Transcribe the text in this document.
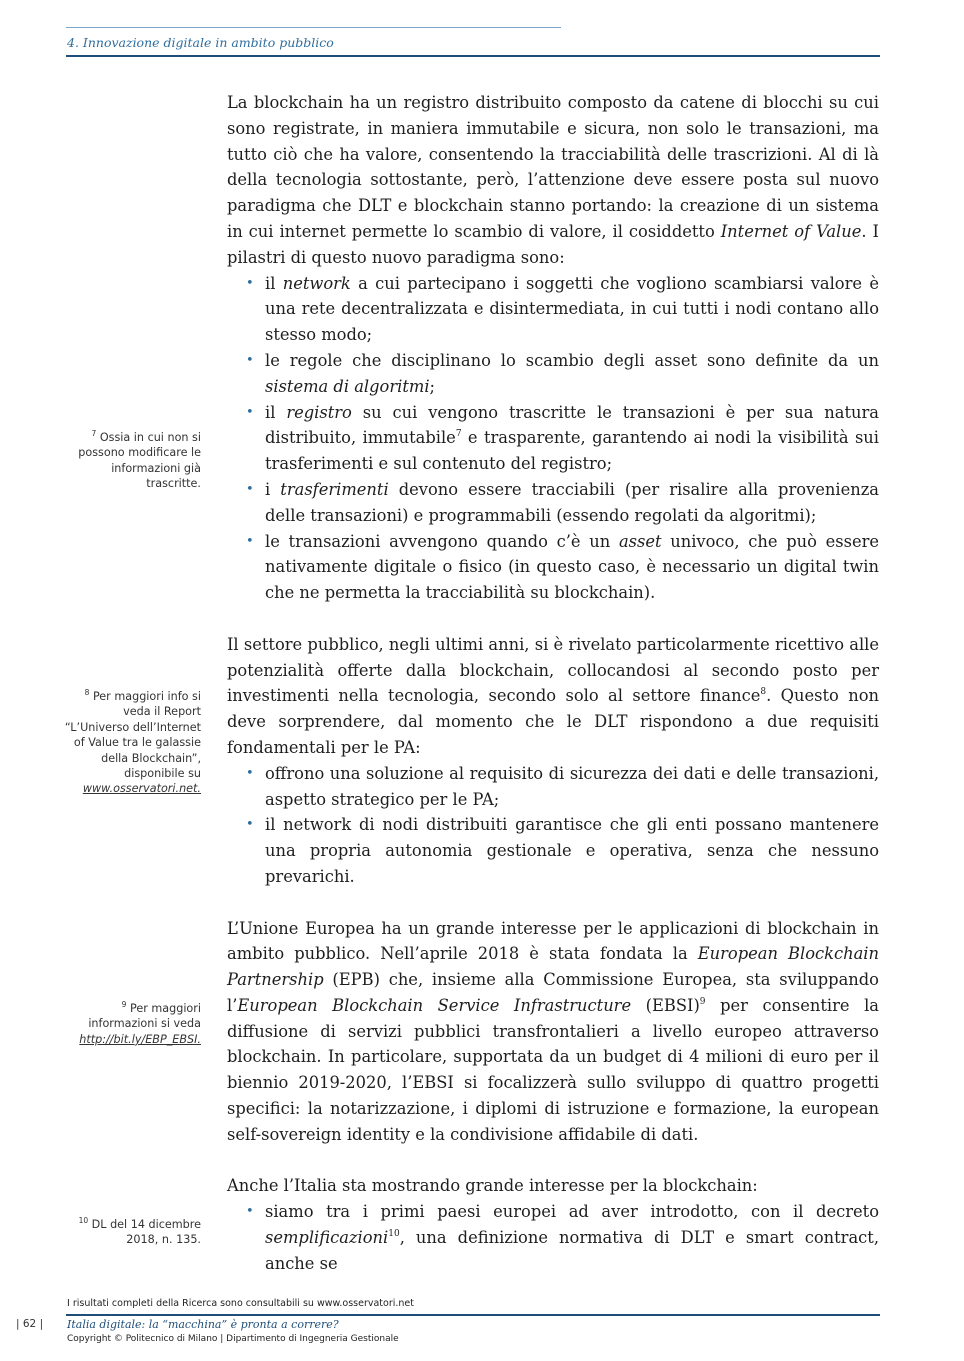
4. Innovazione digitale in ambito pubblico

La blockchain ha un registro distribuito composto da catene di blocchi su cui sono registrate, in maniera immutabile e sicura, non solo le transazioni, ma tutto ciò che ha valore, consentendo la tracciabilità delle trascrizioni. Al di là della tecnologia sottostante, però, l’attenzione deve essere posta sul nuovo paradigma che DLT e blockchain stanno portando: la creazione di un sistema in cui internet permette lo scambio di valore, il cosiddetto Internet of Value. I pilastri di questo nuovo paradigma sono:

• il network a cui partecipano i soggetti che vogliono scambiarsi valore è una rete decentralizzata e disintermediata, in cui tutti i nodi contano allo stesso modo;
• le regole che disciplinano lo scambio degli asset sono definite da un sistema di algoritmi;
• il registro su cui vengono trascritte le transazioni è per sua natura distribuito, immutabile$^7$ e trasparente, garantendo ai nodi la visibilità sui trasferimenti e sul contenuto del registro;
• i trasferimenti devono essere tracciabili (per risalire alla provenienza delle transazioni) e programmabili (essendo regolati da algoritmi);
• le transazioni avvengono quando c’è un asset univoco, che può essere nativamente digitale o fisico (in questo caso, è necessario un digital twin che ne permetta la tracciabilità su blockchain).

Il settore pubblico, negli ultimi anni, si è rivelato particolarmente ricettivo alle potenzialità offerte dalla blockchain, collocandosi al secondo posto per investimenti nella tecnologia, secondo solo al settore finance$^8$. Questo non deve sorprendere, dal momento che le DLT rispondono a due requisiti fondamentali per le PA:

• offrono una soluzione al requisito di sicurezza dei dati e delle transazioni, aspetto strategico per le PA;
• il network di nodi distribuiti garantisce che gli enti possano mantenere una propria autonomia gestionale e operativa, senza che nessuno prevarichi.

L’Unione Europea ha un grande interesse per le applicazioni di blockchain in ambito pubblico. Nell’aprile 2018 è stata fondata la European Blockchain Partnership (EPB) che, insieme alla Commissione Europea, sta sviluppando l’European Blockchain Service Infrastructure (EBSI)$^9$ per consentire la diffusione di servizi pubblici transfrontalieri a livello europeo attraverso blockchain. In particolare, supportata da un budget di 4 milioni di euro per il biennio 2019-2020, l’EBSI si focalizzerà sullo sviluppo di quattro progetti specifici: la notarizzazione, i diplomi di istruzione e formazione, la european self-sovereign identity e la condivisione affidabile di dati.

Anche l’Italia sta mostrando grande interesse per la blockchain:

• siamo tra i primi paesi europei ad aver introdotto, con il decreto semplificazioni$^{10}$, una definizione normativa di DLT e smart contract, anche se
$^7$ Ossia in cui non si possono modificare le informazioni già trascritte.
$^8$ Per maggiori info si veda il Report “L’Universo dell’Internet of Value tra le galassie della Blockchain”, disponibile su www.osservatori.net.
$^9$ Per maggiori informazioni si veda http://bit.ly/EBP_EBSI.
$^{10}$ DL del 14 dicembre 2018, n. 135.
I risultati completi della Ricerca sono consultabili su www.osservatori.net
| 62 | Italia digitale: la “macchina” è pronta a correre?
Copyright © Politecnico di Milano | Dipartimento di Ingegneria Gestionale
